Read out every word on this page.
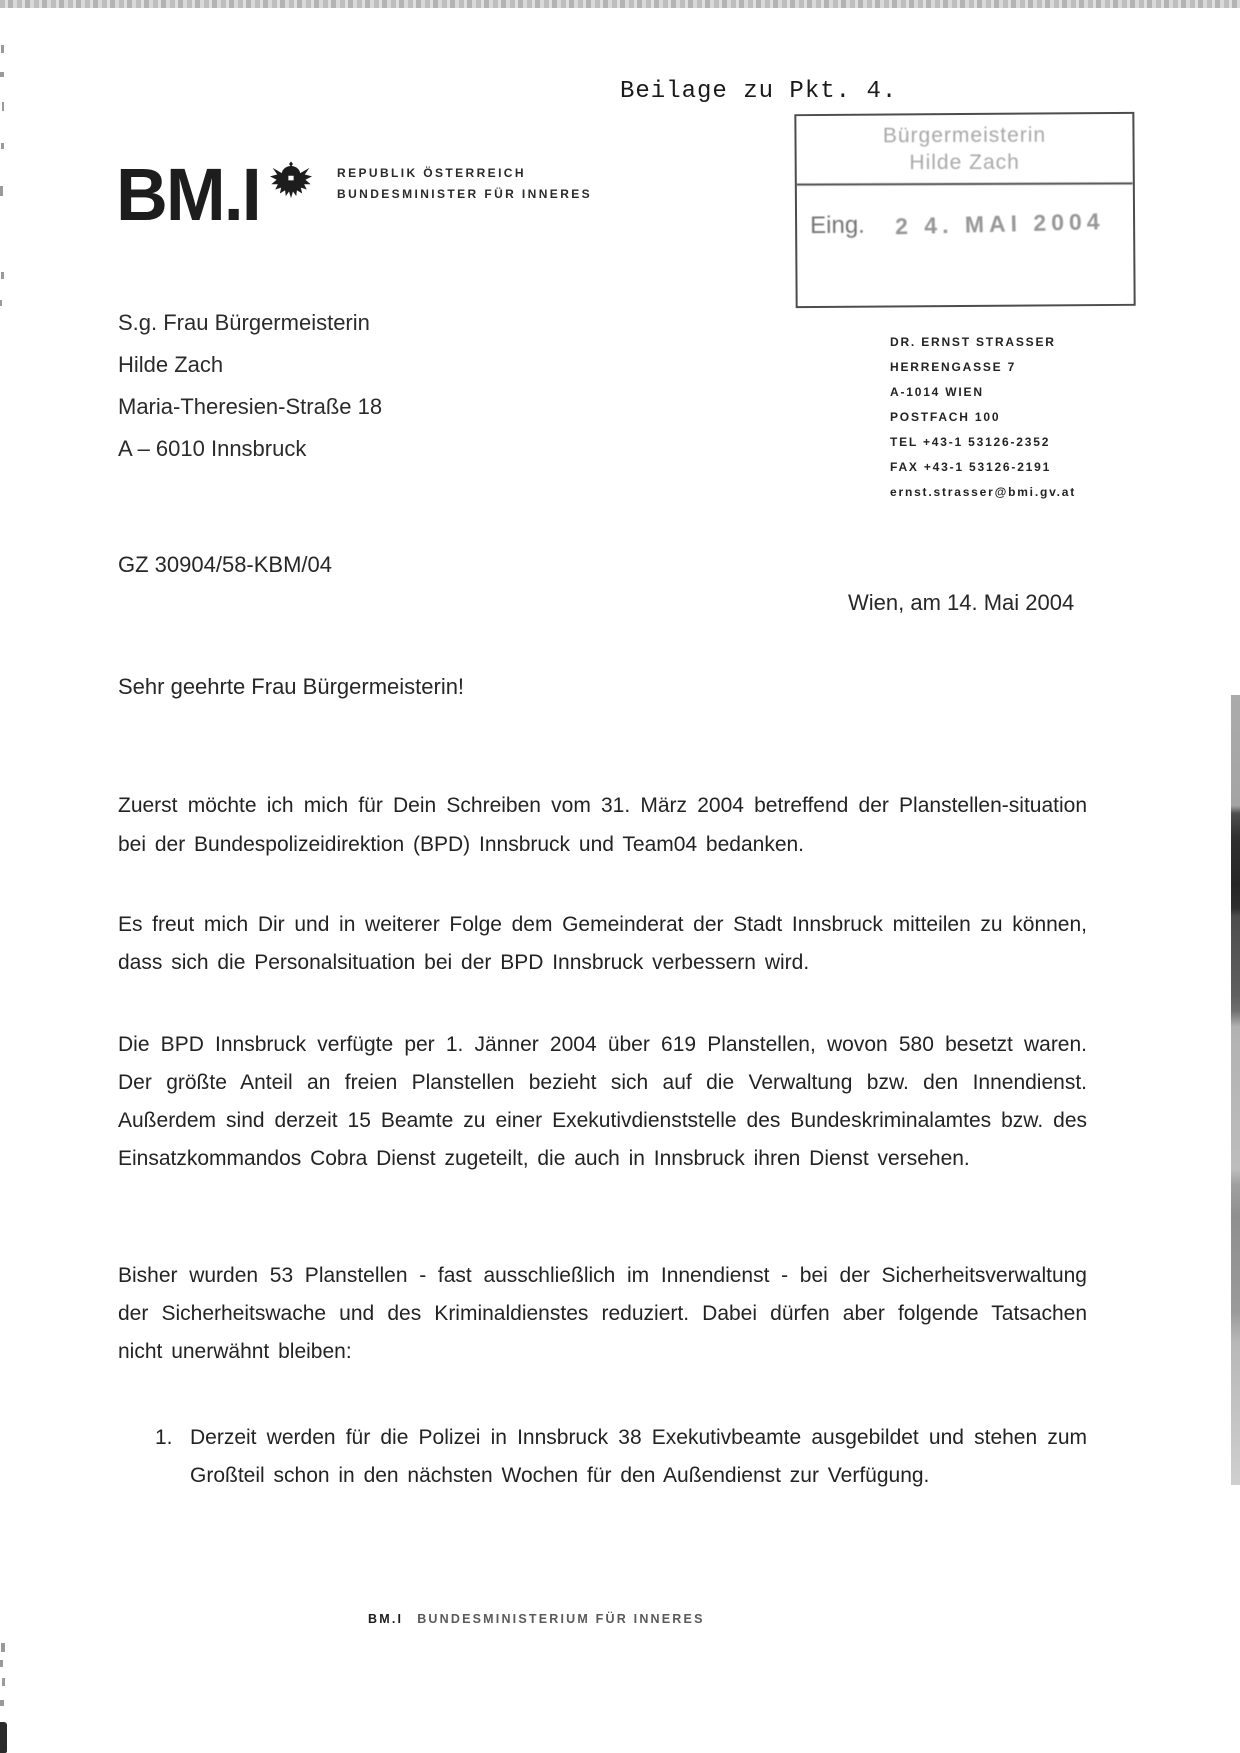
Beilage zu Pkt. 4.
Bürgermeisterin
Hilde Zach
Eing. 2 4. MAI 2004
BM.I	REPUBLIK ÖSTERREICH
BUNDESMINISTER FÜR INNERES
S.g. Frau Bürgermeisterin
Hilde Zach
Maria-Theresien-Straße 18
A – 6010 Innsbruck
DR. ERNST STRASSER
HERRENGASSE 7
A-1014 WIEN
POSTFACH 100
TEL +43-1 53126-2352
FAX +43-1 53126-2191
ernst.strasser@bmi.gv.at
GZ 30904/58-KBM/04
Wien, am 14. Mai 2004
Sehr geehrte Frau Bürgermeisterin!
Zuerst möchte ich mich für Dein Schreiben vom 31. März 2004 betreffend der Planstellen-situation bei der Bundespolizeidirektion (BPD) Innsbruck und Team04 bedanken.
Es freut mich Dir und in weiterer Folge dem Gemeinderat der Stadt Innsbruck mitteilen zu können, dass sich die Personalsituation bei der BPD Innsbruck verbessern wird.
Die BPD Innsbruck verfügte per 1. Jänner 2004 über 619 Planstellen, wovon 580 besetzt waren. Der größte Anteil an freien Planstellen bezieht sich auf die Verwaltung bzw. den Innendienst. Außerdem sind derzeit 15 Beamte zu einer Exekutivdienststelle des Bundeskriminalamtes bzw. des Einsatzkommandos Cobra Dienst zugeteilt, die auch in Innsbruck ihren Dienst versehen.
Bisher wurden 53 Planstellen - fast ausschließlich im Innendienst - bei der Sicherheitsverwaltung der Sicherheitswache und des Kriminaldienstes reduziert. Dabei dürfen aber folgende Tatsachen nicht unerwähnt bleiben:
1. Derzeit werden für die Polizei in Innsbruck 38 Exekutivbeamte ausgebildet und stehen zum Großteil schon in den nächsten Wochen für den Außendienst zur Verfügung.
BM.I BUNDESMINISTERIUM FÜR INNERES
